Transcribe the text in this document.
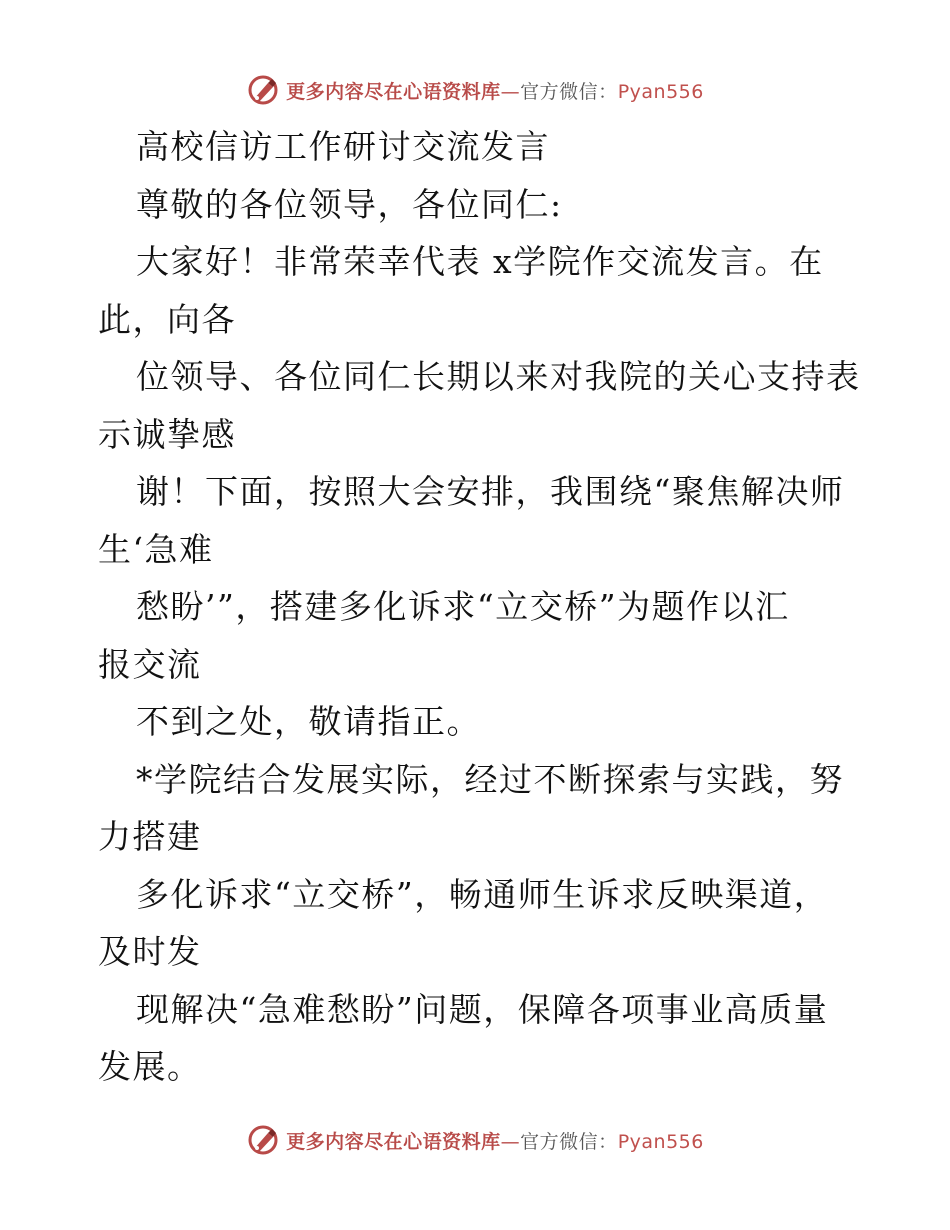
更多内容尽在心语资料库—官方微信：Pyan556
高校信访工作研讨交流发言
尊敬的各位领导，各位同仁:
大家好！非常荣幸代表 x学院作交流发言。在
此，向各
位领导、各位同仁长期以来对我院的关心支持表
示诚挚感
谢！下面，按照大会安排，我围绕“聚焦解决师
生‘急难
愁盼’”，搭建多化诉求“立交桥”为题作以汇
报交流
不到之处，敬请指正。
*学院结合发展实际，经过不断探索与实践，努
力搭建
多化诉求“立交桥”，畅通师生诉求反映渠道，
及时发
现解决“急难愁盼”问题，保障各项事业高质量
发展。
更多内容尽在心语资料库—官方微信：Pyan556
